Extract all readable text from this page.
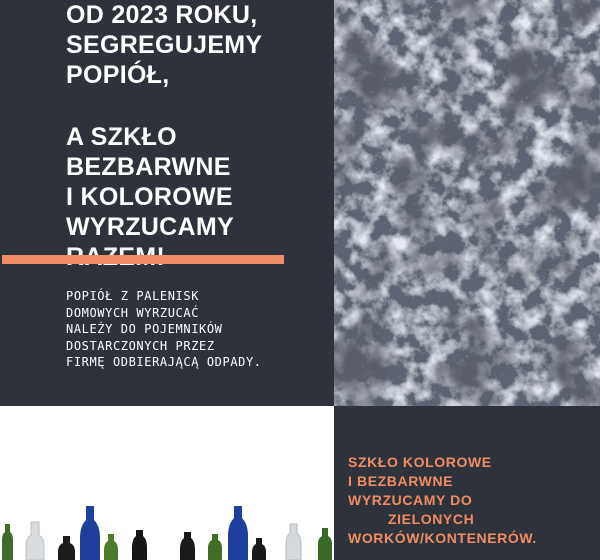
OD 2023 ROKU,
SEGREGUJEMY
POPIÓŁ,
A SZKŁO
BEZBARWNE
I KOLOROWE
WYRZUCAMY
POPIÓŁ Z PALENISK
DOMOWYCH WYRZUCAĆ
NALEŻY DO POJEMNIKÓW
DOSTARCZONYCH PRZEZ
FIRMĘ ODBIERAJĄCĄ ODPADY.
SZKŁO KOLOROWE
I BEZBARWNE
WYRZUCAMY DO
ZIELONYCH
WORKÓW/KONTENERÓW.
